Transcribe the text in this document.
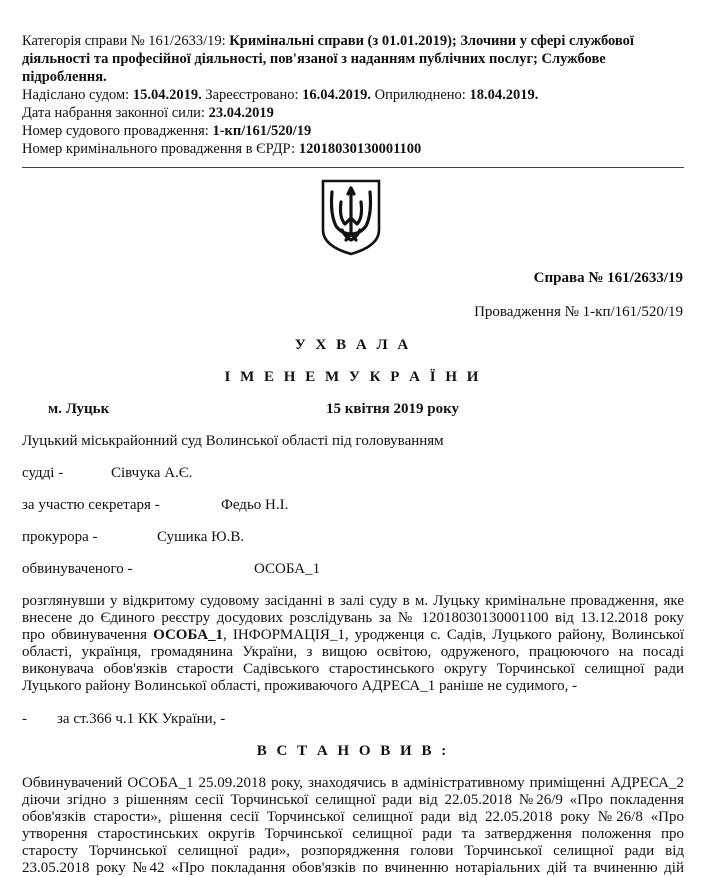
Категорія справи № 161/2633/19: Кримінальні справи (з 01.01.2019); Злочини у сфері службової
діяльності та професійної діяльності, пов'язаної з наданням публічних послуг; Службове
підроблення.
Надіслано судом: 15.04.2019. Зареєстровано: 16.04.2019. Оприлюднено: 18.04.2019.
Дата набрання законної сили: 23.04.2019
Номер судового провадження: 1-кп/161/520/19
Номер кримінального провадження в ЄРДР: 12018030130001100
Справа № 161/2633/19
Провадження № 1-кп/161/520/19
У Х В А Л А
І М Е Н Е М У К Р А Ї Н И
м. Луцьк	15 квітня 2019 року
Луцький міськрайонний суд Волинської області під головуванням
судді -	Сівчука А.Є.
за участю секретаря -	Федьо Н.І.
прокурора -	Сушика Ю.В.
обвинуваченого -	ОСОБА_1
розглянувши у відкритому судовому засіданні в залі суду в м. Луцьку кримінальне провадження, яке
внесене до Єдиного реєстру досудових розслідувань за № 12018030130001100 від 13.12.2018 року
про обвинувачення ОСОБА_1, ІНФОРМАЦІЯ_1, уродженця с. Садів, Луцького району, Волинської
області, українця, громадянина України, з вищою освітою, одруженого, працюючого на посаді
виконувача обов'язків старости Садівського старостинського округу Торчинської селищної ради
Луцького району Волинської області, проживаючого АДРЕСА_1 раніше не судимого, -
- за ст.366 ч.1 КК України, -
В С Т А Н О В И В :
Обвинувачений ОСОБА_1 25.09.2018 року, знаходячись в адміністративному приміщенні АДРЕСА_2
діючи згідно з рішенням сесії Торчинської селищної ради від 22.05.2018 №26/9 «Про покладення
обов'язків старости», рішення сесії Торчинської селищної ради від 22.05.2018 року №26/8 «Про
утворення старостинських округів Торчинської селищної ради та затвердження положення про
старосту Торчинської селищної ради», розпорядження голови Торчинської селищної ради від
23.05.2018 року №42 «Про покладання обов'язків по вчиненню нотаріальних дій та вчиненню дій
